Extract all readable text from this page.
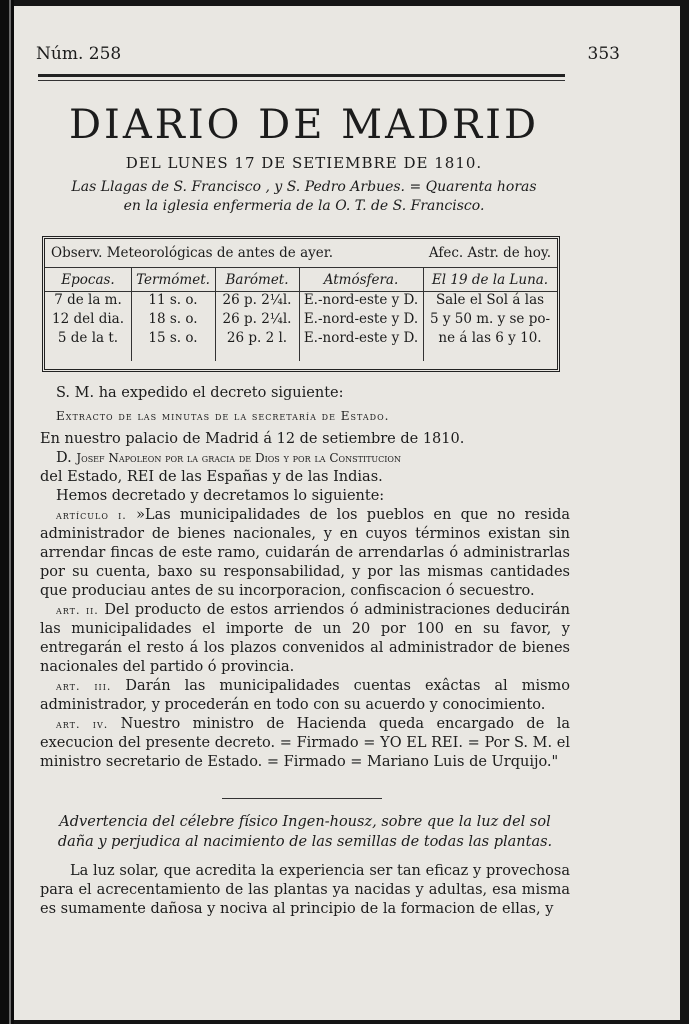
Núm. 258	353
DIARIO DE MADRID
DEL LUNES 17 DE SETIEMBRE DE 1810.
Las Llagas de S. Francisco , y S. Pedro Arbues. = Quarenta horas
en la iglesia enfermeria de la O. T. de S. Francisco.
Observ. Meteorológicas de antes de ayer.	Afec. Astr. de hoy.
Epocas.
7 de la m.
12 del dia.
5 de la t.
Termómet.
11 s. o.
18 s. o.
15 s. o.
Barómet.
26 p. 2¼l.
26 p. 2¼l.
26 p. 2 l.
Atmósfera.
E.-nord-este y D.
E.-nord-este y D.
E.-nord-este y D.
El 19 de la Luna.
Sale el Sol á las
5 y 50 m. y se po-
ne á las 6 y 10.
S. M. ha expedido el decreto siguiente:
Extracto de las minutas de la secretaría de Estado.
En nuestro palacio de Madrid á 12 de setiembre de 1810.
D. Josef Napoleon por la gracia de Dios y por la Constitucion
del Estado, REI de las Españas y de las Indias.
Hemos decretado y decretamos lo siguiente:
artículo i. »Las municipalidades de los pueblos en que no resida administrador de bienes nacionales, y en cuyos términos existan sin arrendar fincas de este ramo, cuidarán de arrendarlas ó administrarlas por su cuenta, baxo su responsabilidad, y por las mismas cantidades que produciau antes de su incorporacion, confiscacion ó secuestro.
art. ii. Del producto de estos arriendos ó administraciones deducirán las municipalidades el importe de un 20 por 100 en su favor, y entregarán el resto á los plazos convenidos al administrador de bienes nacionales del partido ó provincia.
art. iii. Darán las municipalidades cuentas exâctas al mismo administrador, y procederán en todo con su acuerdo y conocimiento.
art. iv. Nuestro ministro de Hacienda queda encargado de la execucion del presente decreto. = Firmado = YO EL REI. = Por S. M. el ministro secretario de Estado. = Firmado = Mariano Luis de Urquijo."
Advertencia del célebre físico Ingen-housz, sobre que la luz del sol daña y perjudica al nacimiento de las semillas de todas las plantas.
La luz solar, que acredita la experiencia ser tan eficaz y provechosa para el acrecentamiento de las plantas ya nacidas y adultas, esa misma es sumamente dañosa y nociva al principio de la formacion de ellas, y
